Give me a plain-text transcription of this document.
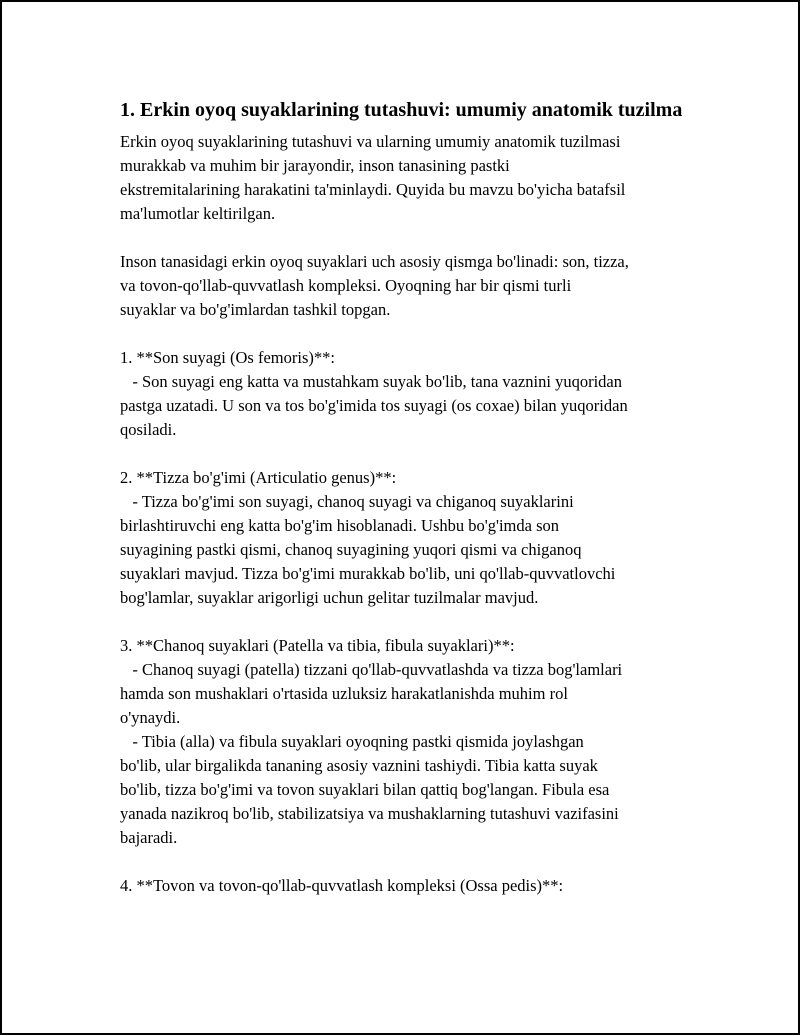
1. Erkin oyoq suyaklarining tutashuvi: umumiy anatomik tuzilma
Erkin oyoq suyaklarining tutashuvi va ularning umumiy anatomik tuzilmasi
murakkab va muhim bir jarayondir, inson tanasining pastki
ekstremitalarining harakatini ta'minlaydi. Quyida bu mavzu bo'yicha batafsil
ma'lumotlar keltirilgan.

Inson tanasidagi erkin oyoq suyaklari uch asosiy qismga bo'linadi: son, tizza,
va tovon-qo'llab-quvvatlash kompleksi. Oyoqning har bir qismi turli
suyaklar va bo'g'imlardan tashkil topgan.

1. **Son suyagi (Os femoris)**:
- Son suyagi eng katta va mustahkam suyak bo'lib, tana vaznini yuqoridan
pastga uzatadi. U son va tos bo'g'imida tos suyagi (os coxae) bilan yuqoridan
qosiladi.

2. **Tizza bo'g'imi (Articulatio genus)**:
- Tizza bo'g'imi son suyagi, chanoq suyagi va chiganoq suyaklarini
birlashtiruvchi eng katta bo'g'im hisoblanadi. Ushbu bo'g'imda son
suyagining pastki qismi, chanoq suyagining yuqori qismi va chiganoq
suyaklari mavjud. Tizza bo'g'imi murakkab bo'lib, uni qo'llab-quvvatlovchi
bog'lamlar, suyaklar arigorligi uchun gelitar tuzilmalar mavjud.

3. **Chanoq suyaklari (Patella va tibia, fibula suyaklari)**:
- Chanoq suyagi (patella) tizzani qo'llab-quvvatlashda va tizza bog'lamlari
hamda son mushaklari o'rtasida uzluksiz harakatlanishda muhim rol
o'ynaydi.
- Tibia (alla) va fibula suyaklari oyoqning pastki qismida joylashgan
bo'lib, ular birgalikda tananing asosiy vaznini tashiydi. Tibia katta suyak
bo'lib, tizza bo'g'imi va tovon suyaklari bilan qattiq bog'langan. Fibula esa
yanada nazikroq bo'lib, stabilizatsiya va mushaklarning tutashuvi vazifasini
bajaradi.

4. **Tovon va tovon-qo'llab-quvvatlash kompleksi (Ossa pedis)**:
